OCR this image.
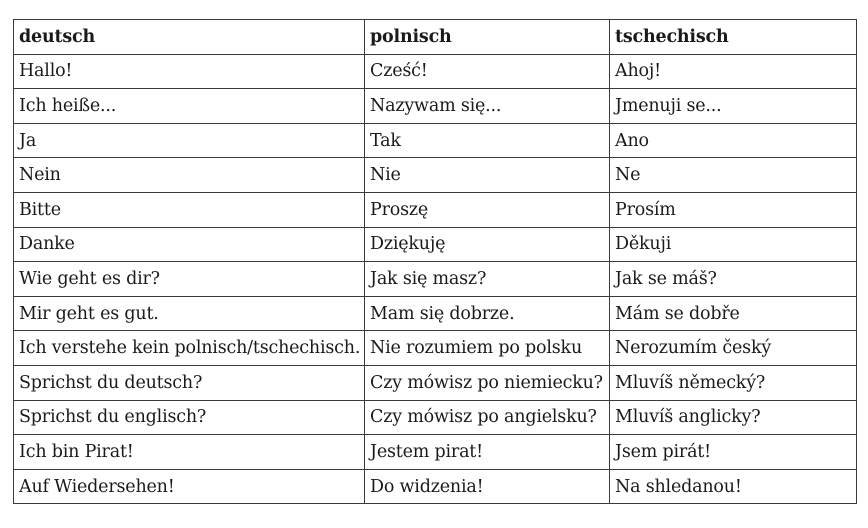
deutsch	polnisch	tschechisch
Hallo!	Cześć!	Ahoj!
Ich heiße...	Nazywam się...	Jmenuji se...
Ja	Tak	Ano
Nein	Nie	Ne
Bitte	Proszę	Prosím
Danke	Dziękuję	Děkuji
Wie geht es dir?	Jak się masz?	Jak se máš?
Mir geht es gut.	Mam się dobrze.	Mám se dobře
Ich verstehe kein polnisch/tschechisch.	Nie rozumiem po polsku	Nerozumím český
Sprichst du deutsch?	Czy mówisz po niemiecku?	Mluvíš německý?
Sprichst du englisch?	Czy mówisz po angielsku?	Mluvíš anglicky?
Ich bin Pirat!	Jestem pirat!	Jsem pirát!
Auf Wiedersehen!	Do widzenia!	Na shledanou!
